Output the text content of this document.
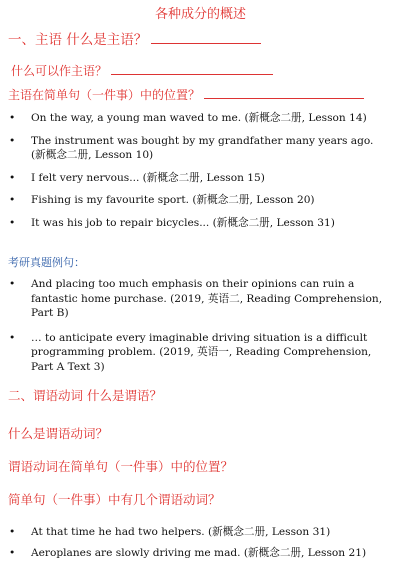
各种成分的概述
一、主语 什么是主语？
什么可以作主语？
主语在简单句（一件事）中的位置？
• On the way, a young man waved to me. (新概念二册, Lesson 14)
• The instrument was bought by my grandfather many years ago. (新概念二册, Lesson 10)
• I felt very nervous... (新概念二册, Lesson 15)
• Fishing is my favourite sport. (新概念二册, Lesson 20)
• It was his job to repair bicycles... (新概念二册, Lesson 31)
考研真题例句：
• And placing too much emphasis on their opinions can ruin a fantastic home purchase. (2019, 英语二, Reading Comprehension, Part B)
• … to anticipate every imaginable driving situation is a difficult programming problem. (2019, 英语一, Reading Comprehension, Part A Text 3)
二、谓语动词 什么是谓语？
什么是谓语动词？
谓语动词在简单句（一件事）中的位置？
简单句（一件事）中有几个谓语动词？
• At that time he had two helpers. (新概念二册, Lesson 31)
• Aeroplanes are slowly driving me mad. (新概念二册, Lesson 21)
